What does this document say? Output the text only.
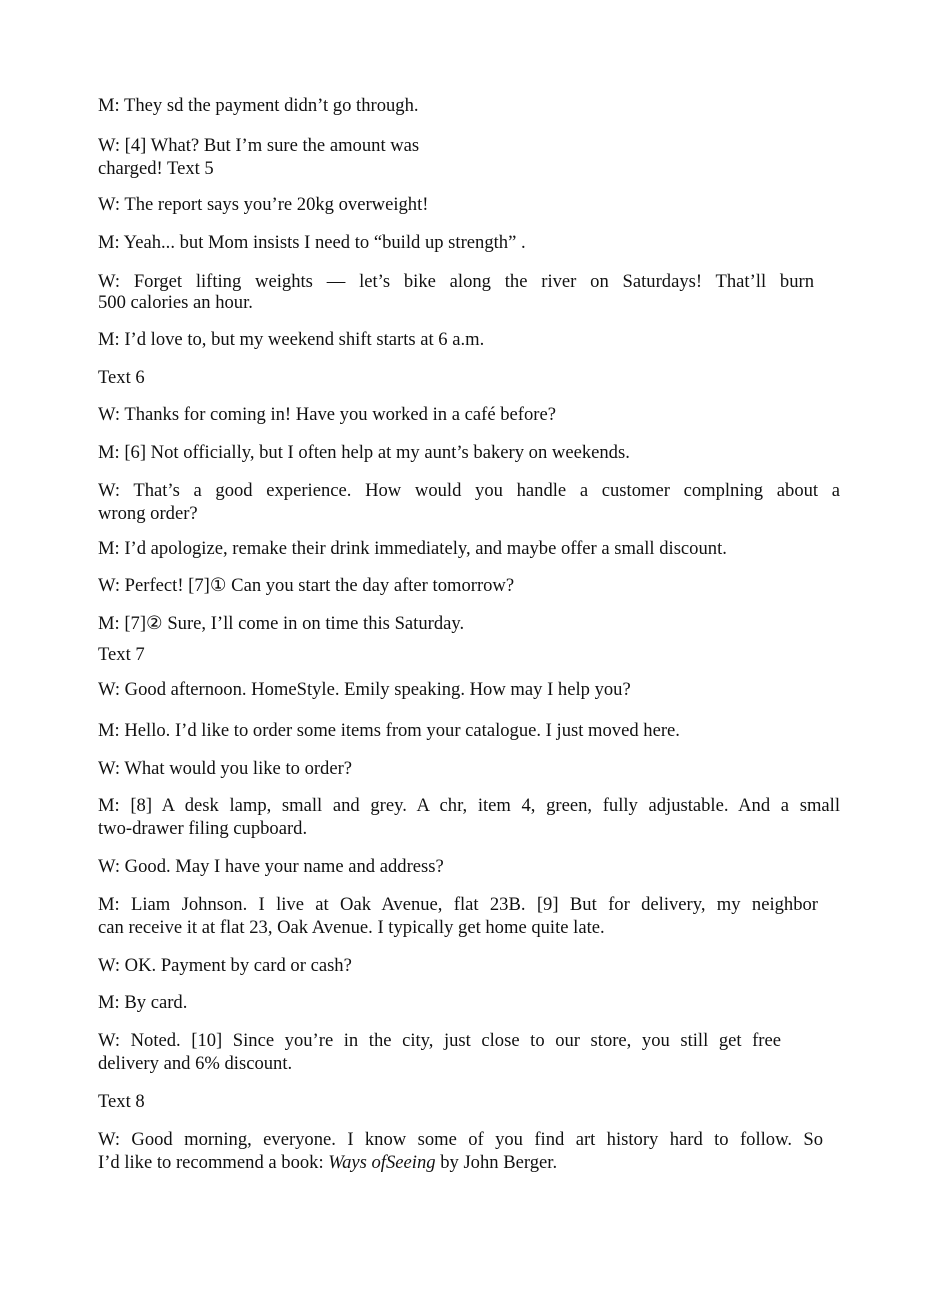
M: They sd the payment didn’t go through.

W: [4] What? But I’m sure the amount was

charged! Text 5

W: The report says you’re 20kg overweight!

M: Yeah... but Mom insists I need to “build up strength” .

W: Forget lifting weights — let’s bike along the river on Saturdays! That’ll burn

500 calories an hour.

M: I’d love to, but my weekend shift starts at 6 a.m.

Text 6

W: Thanks for coming in! Have you worked in a café before?

M: [6] Not officially, but I often help at my aunt’s bakery on weekends.

W: That’s a good experience. How would you handle a customer complning about a

wrong order?

M: I’d apologize, remake their drink immediately, and maybe offer a small discount.

W: Perfect! [7]① Can you start the day after tomorrow?

M: [7]② Sure, I’ll come in on time this Saturday.

Text 7

W: Good afternoon. HomeStyle. Emily speaking. How may I help you?

M: Hello. I’d like to order some items from your catalogue. I just moved here.

W: What would you like to order?

M: [8] A desk lamp, small and grey. A chr, item 4, green, fully adjustable. And a small

two-drawer filing cupboard.

W: Good. May I have your name and address?

M: Liam Johnson. I live at Oak Avenue, flat 23B. [9] But for delivery, my neighbor

can receive it at flat 23, Oak Avenue. I typically get home quite late.

W: OK. Payment by card or cash?

M: By card.

W: Noted. [10] Since you’re in the city, just close to our store, you still get free

delivery and 6% discount.

Text 8

W: Good morning, everyone. I know some of you find art history hard to follow. So

I’d like to recommend a book: Ways ofSeeing by John Berger.
